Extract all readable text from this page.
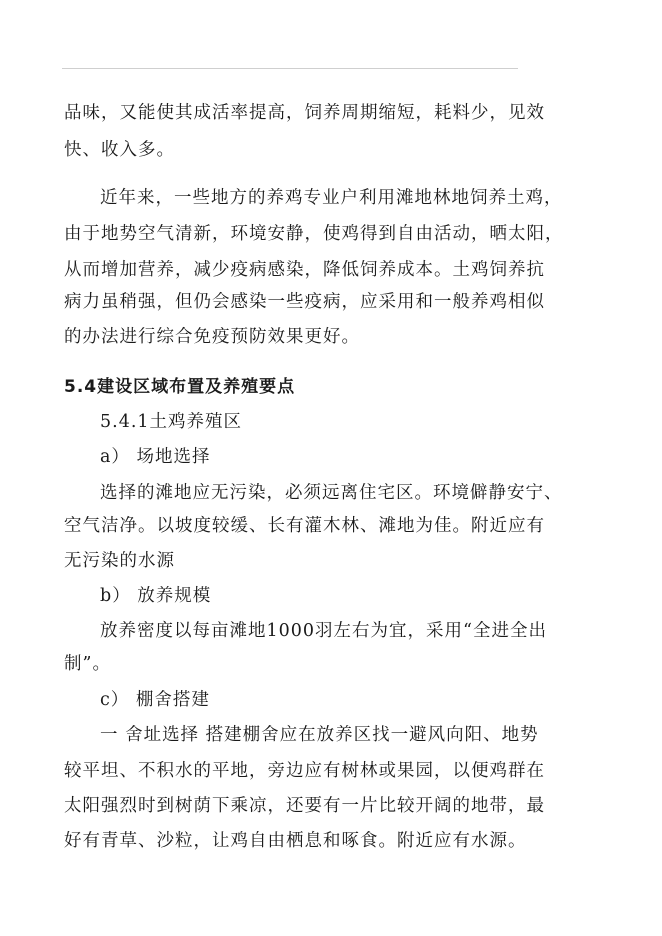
品味，又能使其成活率提高，饲养周期缩短，耗料少，见效
快、收入多。
近年来，一些地方的养鸡专业户利用滩地林地饲养土鸡，
由于地势空气清新，环境安静，使鸡得到自由活动，晒太阳，
从而增加营养，减少疫病感染，降低饲养成本。土鸡饲养抗
病力虽稍强，但仍会感染一些疫病，应采用和一般养鸡相似
的办法进行综合免疫预防效果更好。
5.4建设区域布置及养殖要点
5.4.1土鸡养殖区
a） 场地选择
选择的滩地应无污染，必须远离住宅区。环境僻静安宁、
空气洁净。以坡度较缓、长有灌木林、滩地为佳。附近应有
无污染的水源
b） 放养规模
放养密度以每亩滩地1000羽左右为宜，采用“全进全出
制”。
c） 棚舍搭建
一 舍址选择 搭建棚舍应在放养区找一避风向阳、地势
较平坦、不积水的平地，旁边应有树林或果园，以便鸡群在
太阳强烈时到树荫下乘凉，还要有一片比较开阔的地带，最
好有青草、沙粒，让鸡自由栖息和啄食。附近应有水源。
